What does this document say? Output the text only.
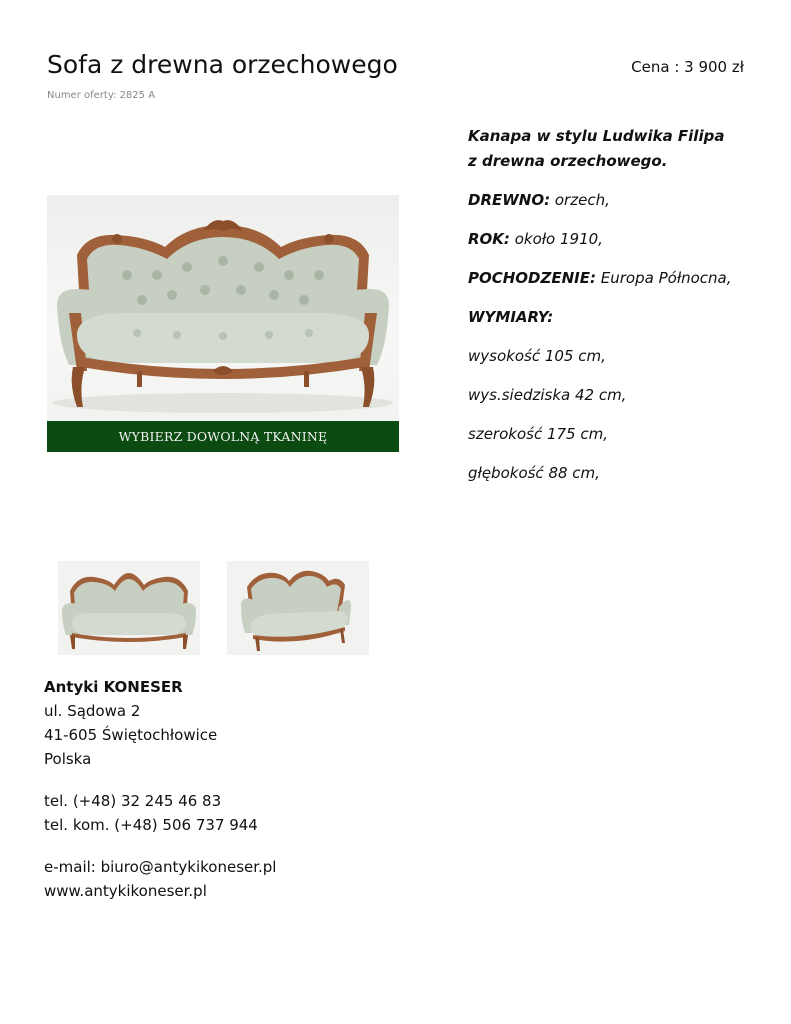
Sofa z drewna orzechowego
Numer oferty: 2825 A
Cena : 3 900 zł
WYBIERZ DOWOLNĄ TKANINĘ

Kanapa w stylu Ludwika Filipa
z drewna orzechowego.

DREWNO: orzech,

ROK: około 1910,

POCHODZENIE: Europa Północna,

WYMIARY:

wysokość 105 cm,

wys.siedziska 42 cm,

szerokość 175 cm,

głębokość 88 cm,

Antyki KONESER
ul. Sądowa 2
41-605 Świętochłowice
Polska
tel. (+48) 32 245 46 83
tel. kom. (+48) 506 737 944
e-mail: biuro@antykikoneser.pl
www.antykikoneser.pl
